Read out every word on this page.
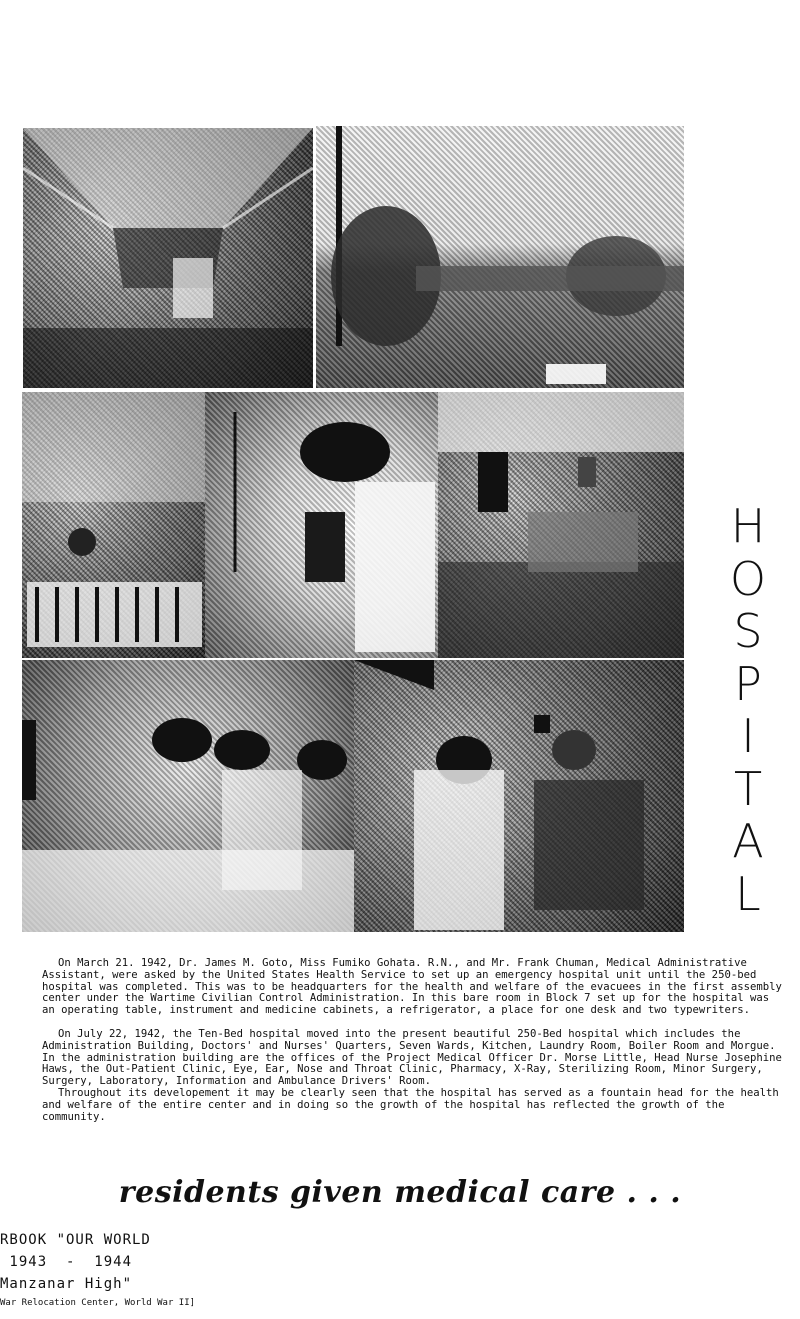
H
O
S
P
I
T
A
L

On March 21. 1942, Dr. James M. Goto, Miss Fumiko Gohata. R.N., and Mr. Frank Chuman, Medical Administrative Assistant, were asked by the United States Health Service to set up an emergency hospital unit until the 250-bed hospital was completed. This was to be headquarters for the health and welfare of the evacuees in the first assembly center under the Wartime Civilian Control Administration. In this bare room in Block 7 set up for the hospital was an operating table, instrument and medicine cabinets, a refrigerator, a place for one desk and two typewriters.

On July 22, 1942, the Ten-Bed hospital moved into the present beautiful 250-Bed hospital which includes the Administration Building, Doctors' and Nurses' Quarters, Seven Wards, Kitchen, Laundry Room, Boiler Room and Morgue. In the administration building are the offices of the Project Medical Officer Dr. Morse Little, Head Nurse Josephine Haws, the Out-Patient Clinic, Eye, Ear, Nose and Throat Clinic, Pharmacy, X-Ray, Sterilizing Room, Minor Surgery, Surgery, Laboratory, Information and Ambulance Drivers' Room.

Throughout its developement it may be clearly seen that the hospital has served as a fountain head for the health and welfare of the entire center and in doing so the growth of the hospital has reflected the growth of the community.

residents given medical care . . .
RBOOK "OUR WORLD
1943  -  1944
Manzanar High"
War Relocation Center, World War II]
